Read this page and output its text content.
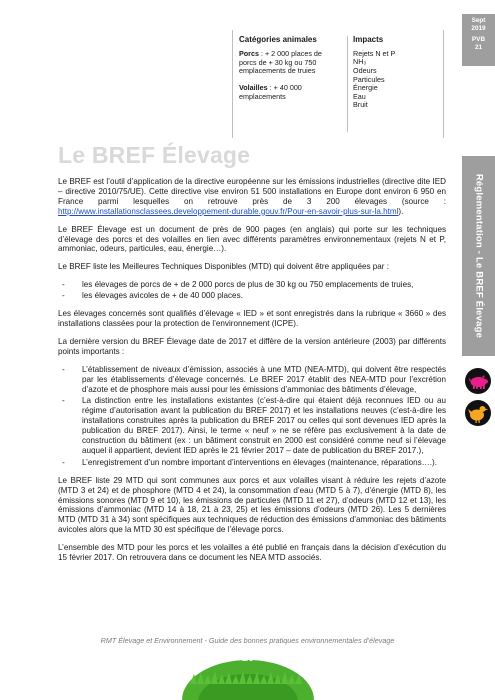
Catégories animales
Porcs : + 2 000 places de porcs de + 30 kg ou 750 emplacements de truies
Volailles : + 40 000 emplacements
Impacts
Rejets N et P
NH₃
Odeurs
Particules
Énergie
Eau
Bruit
Sept
2019
PVB
21
Réglementation - Le BREF Élevage
Le BREF Élevage

Le BREF est l’outil d’application de la directive européenne sur les émissions industrielles (directive dite IED – directive 2010/75/UE). Cette directive vise environ 51 500 installations en Europe dont environ 6 950 en France parmi lesquelles on retrouve près de 3 200 élevages (source : http://www.installationsclassees.developpement-durable.gouv.fr/Pour-en-savoir-plus-sur-la.html).

Le BREF Élevage est un document de près de 900 pages (en anglais) qui porte sur les techniques d’élevage des porcs et des volailles en lien avec différents paramètres environnementaux (rejets N et P, ammoniac, odeurs, particules, eau, énergie…).

Le BREF liste les Meilleures Techniques Disponibles (MTD) qui doivent être appliquées par :

- les élevages de porcs de + de 2 000 porcs de plus de 30 kg ou 750 emplacements de truies,
- les élevages avicoles de + de 40 000 places.

Les élevages concernés sont qualifiés d’élevage « IED » et sont enregistrés dans la rubrique « 3660 » des installations classées pour la protection de l’environnement (ICPE).

La dernière version du BREF Élevage date de 2017 et diffère de la version antérieure (2003) par différents points importants :

- L’établissement de niveaux d’émission, associés à une MTD (NEA-MTD), qui doivent être respectés par les établissements d’élevage concernés. Le BREF 2017 établit des NEA-MTD pour l’excrétion d’azote et de phosphore mais aussi pour les émissions d’ammoniac des bâtiments d’élevage,
- La distinction entre les installations existantes (c’est-à-dire qui étaient déjà reconnues IED ou au régime d’autorisation avant la publication du BREF 2017) et les installations neuves (c’est-à-dire les installations construites après la publication du BREF 2017 ou celles qui sont devenues IED après la publication du BREF 2017). Ainsi, le terme « neuf » ne se réfère pas exclusivement à la date de construction du bâtiment (ex : un bâtiment construit en 2000 est considéré comme neuf si l’élevage auquel il appartient, devient IED après le 21 février 2017 – date de publication du BREF 2017.),
- L’enregistrement d’un nombre important d’interventions en élevages (maintenance, réparations….).

Le BREF liste 29 MTD qui sont communes aux porcs et aux volailles visant à réduire les rejets d’azote (MTD 3 et 24) et de phosphore (MTD 4 et 24), la consommation d’eau (MTD 5 à 7), d’énergie (MTD 8), les émissions sonores (MTD 9 et 10), les émissions de particules (MTD 11 et 27), d’odeurs (MTD 12 et 13), les émissions d’ammoniac (MTD 14 à 18, 21 à 23, 25) et les émissions d’odeurs (MTD 26). Les 5 dernières MTD (MTD 31 à 34) sont spécifiques aux techniques de réduction des émissions d’ammoniac des bâtiments avicoles alors que la MTD 30 est spécifique de l’élevage porcs.

L’ensemble des MTD pour les porcs et les volailles a été publié en français dans la décision d’exécution du 15 février 2017. On retrouvera dans ce document les NEA MTD associés.

RMT Élevage et Environnement - Guide des bonnes pratiques environnementales d’élevage
1/6
